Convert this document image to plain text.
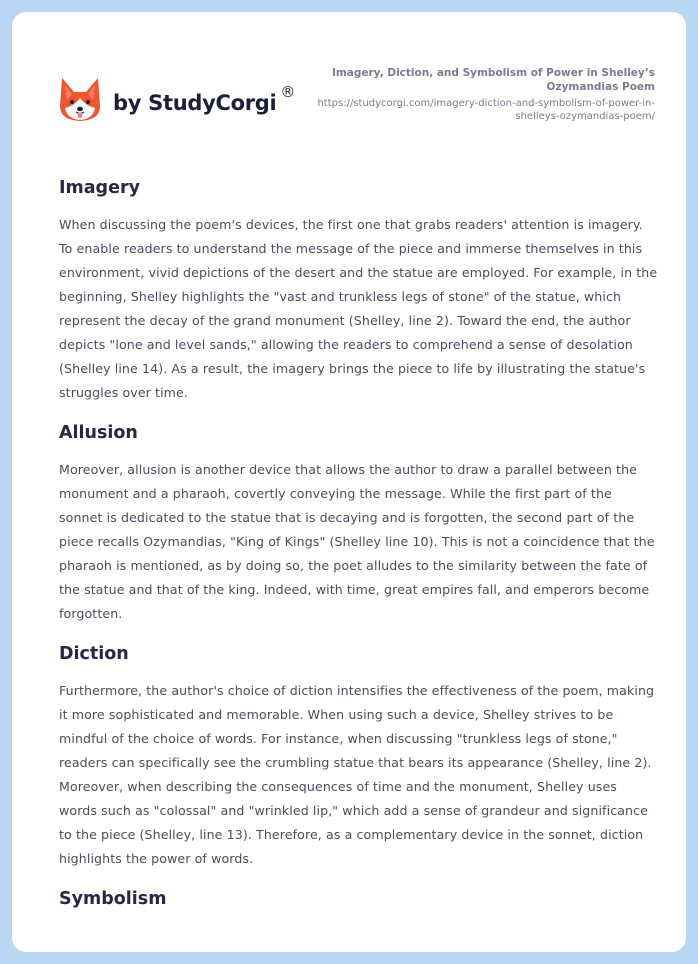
by StudyCorgi ®
Imagery, Diction, and Symbolism of Power in Shelley’s Ozymandias Poem
https://studycorgi.com/imagery-diction-and-symbolism-of-power-in-shelleys-ozymandias-poem/
Imagery

When discussing the poem's devices, the first one that grabs readers' attention is imagery. To enable readers to understand the message of the piece and immerse themselves in this environment, vivid depictions of the desert and the statue are employed. For example, in the beginning, Shelley highlights the "vast and trunkless legs of stone" of the statue, which represent the decay of the grand monument (Shelley, line 2). Toward the end, the author depicts "lone and level sands," allowing the readers to comprehend a sense of desolation (Shelley line 14). As a result, the imagery brings the piece to life by illustrating the statue's struggles over time.

Allusion

Moreover, allusion is another device that allows the author to draw a parallel between the monument and a pharaoh, covertly conveying the message. While the first part of the sonnet is dedicated to the statue that is decaying and is forgotten, the second part of the piece recalls Ozymandias, "King of Kings" (Shelley line 10). This is not a coincidence that the pharaoh is mentioned, as by doing so, the poet alludes to the similarity between the fate of the statue and that of the king. Indeed, with time, great empires fall, and emperors become forgotten.

Diction

Furthermore, the author's choice of diction intensifies the effectiveness of the poem, making it more sophisticated and memorable. When using such a device, Shelley strives to be mindful of the choice of words. For instance, when discussing "trunkless legs of stone," readers can specifically see the crumbling statue that bears its appearance (Shelley, line 2). Moreover, when describing the consequences of time and the monument, Shelley uses words such as "colossal" and "wrinkled lip," which add a sense of grandeur and significance to the piece (Shelley, line 13). Therefore, as a complementary device in the sonnet, diction highlights the power of words.

Symbolism
